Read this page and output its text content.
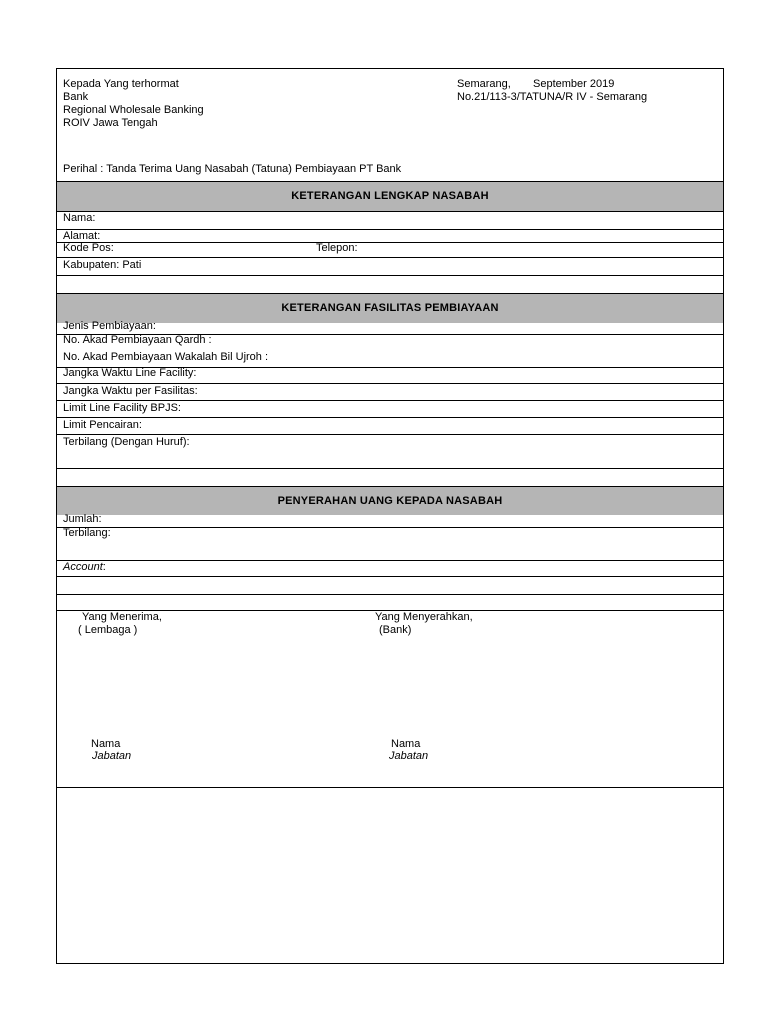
Kepada Yang terhormat
Bank
Regional Wholesale Banking
ROIV Jawa Tengah
Semarang, September 2019
No.21/113-3/TATUNA/R IV - Semarang
Perihal : Tanda Terima Uang Nasabah (Tatuna) Pembiayaan PT Bank
KETERANGAN LENGKAP NASABAH
Nama:
Alamat:
Kode Pos:	Telepon:
Kabupaten: Pati
KETERANGAN FASILITAS PEMBIAYAAN
Jenis Pembiayaan:
No. Akad Pembiayaan Qardh :
No. Akad Pembiayaan Wakalah Bil Ujroh :
Jangka Waktu Line Facility:
Jangka Waktu per Fasilitas:
Limit Line Facility BPJS:
Limit Pencairan:
Terbilang (Dengan Huruf):
PENYERAHAN UANG KEPADA NASABAH
Jumlah:
Terbilang:
Account:
Yang Menerima,
( Lembaga )
Yang Menyerahkan,
(Bank)
Nama
Jabatan
Nama
Jabatan
